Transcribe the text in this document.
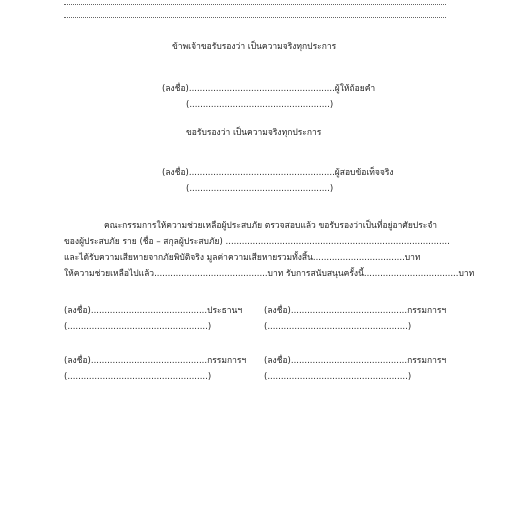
ข้าพเจ้าขอรับรองว่า เป็นความจริงทุกประการ
(ลงชื่อ)......................................................ผู้ให้ถ้อยคำ
(....................................................)
ขอรับรองว่า เป็นความจริงทุกประการ
(ลงชื่อ)......................................................ผู้สอบข้อเท็จจริง
(....................................................)
คณะกรรมการให้ความช่วยเหลือผู้ประสบภัย ตรวจสอบแล้ว ขอรับรองว่าเป็นที่อยู่อาศัยประจำ
ของผู้ประสบภัย ราย (ชื่อ – สกุลผู้ประสบภัย) ...................................................................................
และได้รับความเสียหายจากภัยพิบัติจริง มูลค่าความเสียหายรวมทั้งสิ้น..................................บาท
ให้ความช่วยเหลือไปแล้ว..........................................บาท รับการสนับสนุนครั้งนี้...................................บาท
(ลงชื่อ)...........................................ประธานฯ
(....................................................)
(ลงชื่อ)...........................................กรรมการฯ
(....................................................)
(ลงชื่อ)...........................................กรรมการฯ
(....................................................)
(ลงชื่อ)...........................................กรรมการฯ
(....................................................)
